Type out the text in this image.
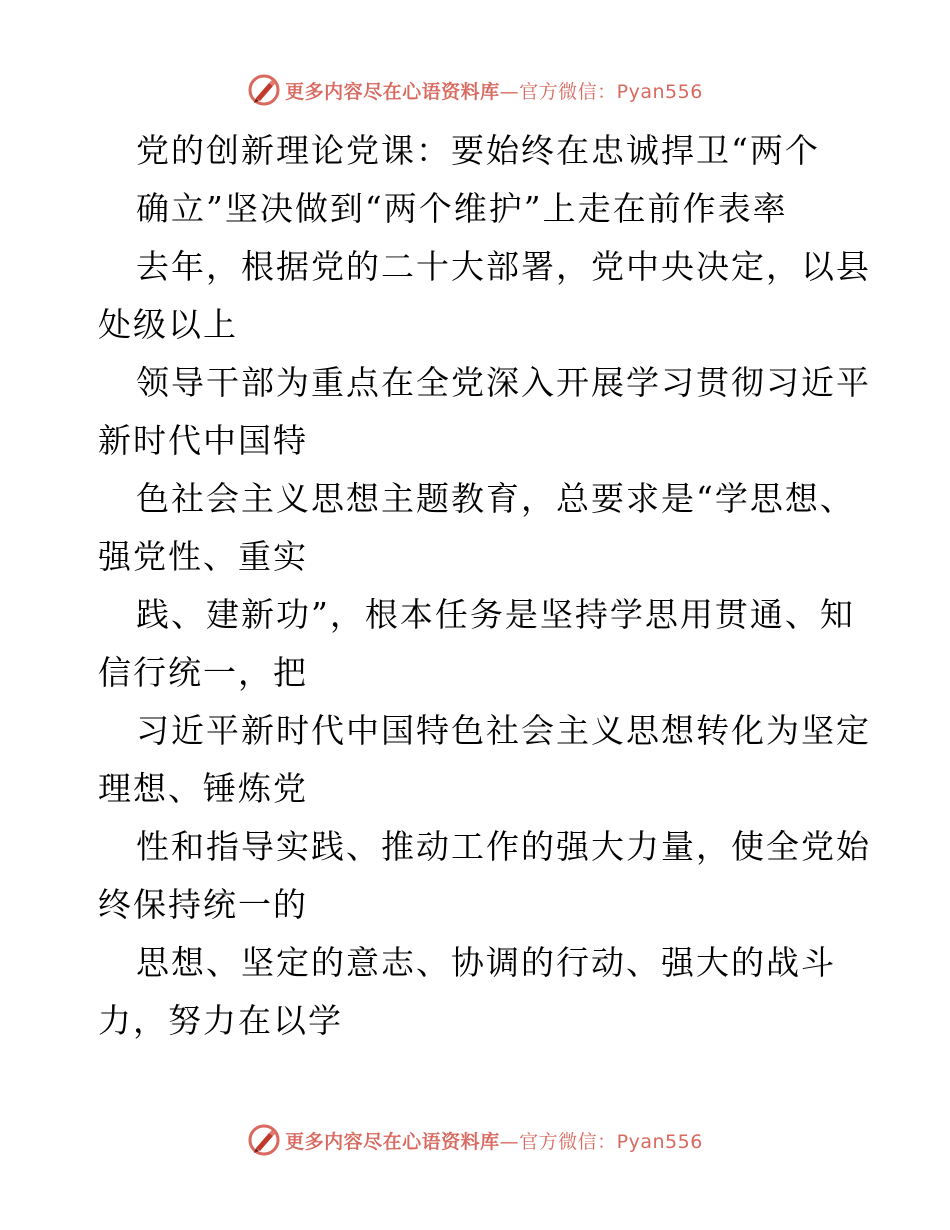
更多内容尽在心语资料库—官方微信：Pyan556
党的创新理论党课：要始终在忠诚捍卫“两个
确立”坚决做到“两个维护”上走在前作表率
去年，根据党的二十大部署，党中央决定，以县
处级以上
领导干部为重点在全党深入开展学习贯彻习近平
新时代中国特
色社会主义思想主题教育，总要求是“学思想、
强党性、重实
践、建新功”，根本任务是坚持学思用贯通、知
信行统一，把
习近平新时代中国特色社会主义思想转化为坚定
理想、锤炼党
性和指导实践、推动工作的强大力量，使全党始
终保持统一的
思想、坚定的意志、协调的行动、强大的战斗
力，努力在以学
更多内容尽在心语资料库—官方微信：Pyan556
